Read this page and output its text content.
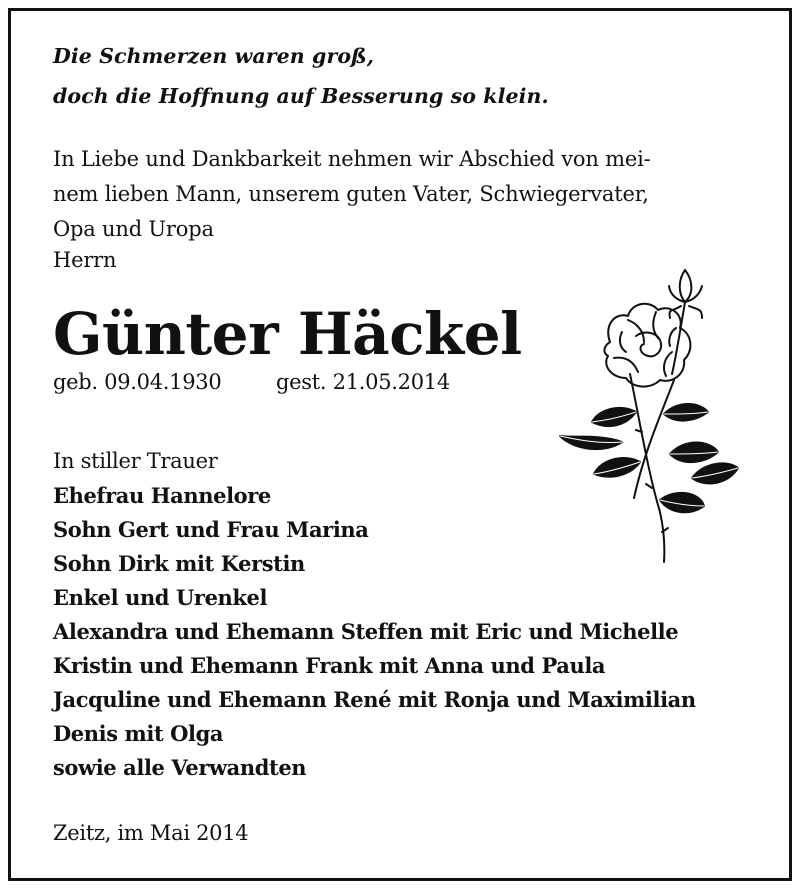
Die Schmerzen waren groß,
doch die Hoffnung auf Besserung so klein.
In Liebe und Dankbarkeit nehmen wir Abschied von mei-
nem lieben Mann, unserem guten Vater, Schwiegervater,
Opa und Uropa
Herrn
Günter Häckel
geb. 09.04.1930	gest. 21.05.2014
In stiller Trauer
Ehefrau Hannelore
Sohn Gert und Frau Marina
Sohn Dirk mit Kerstin
Enkel und Urenkel
Alexandra und Ehemann Steffen mit Eric und Michelle
Kristin und Ehemann Frank mit Anna und Paula
Jacquline und Ehemann René mit Ronja und Maximilian
Denis mit Olga
sowie alle Verwandten
Zeitz, im Mai 2014
